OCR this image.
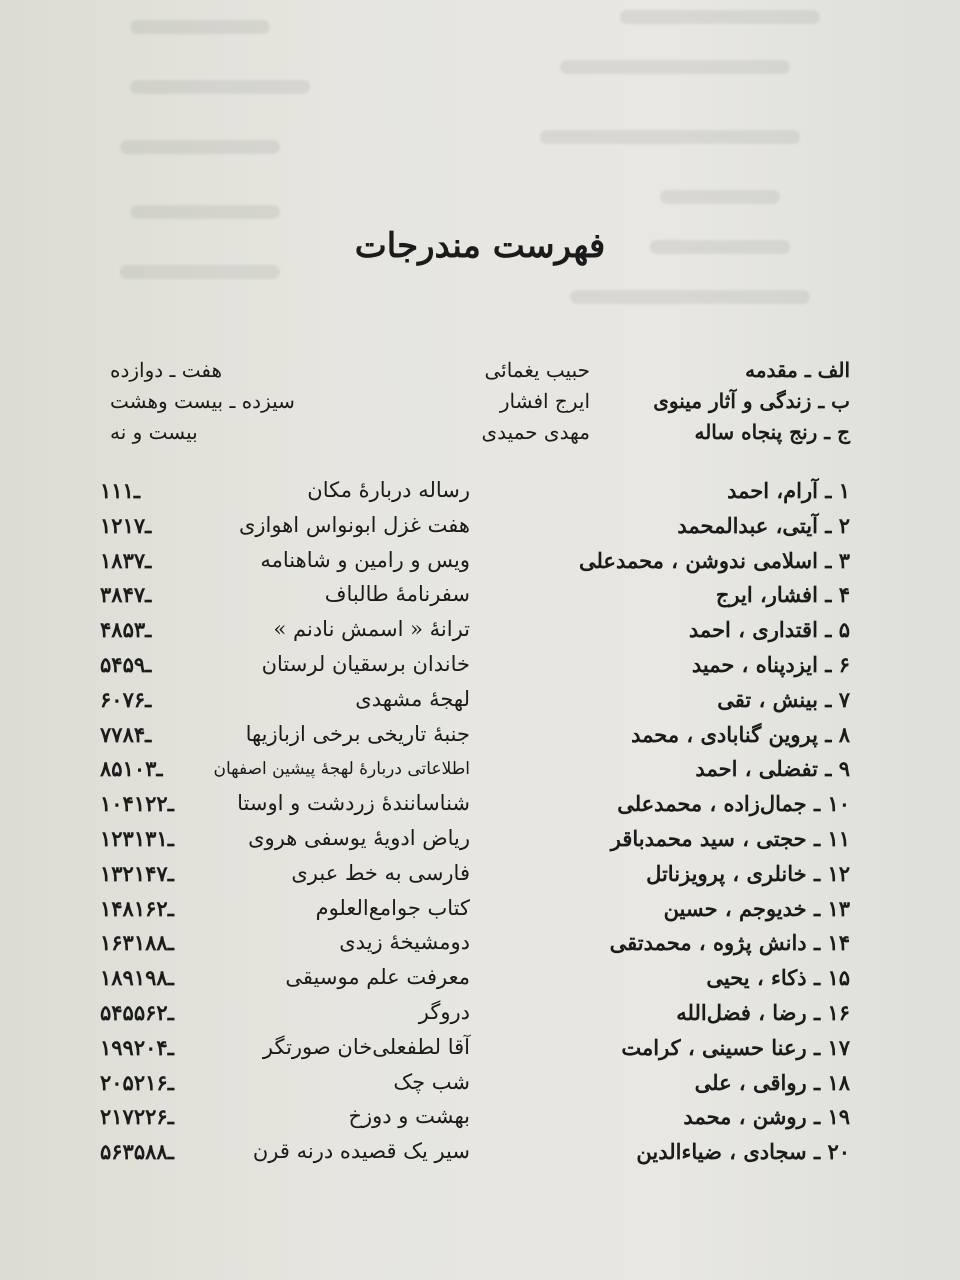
فهرست مندرجات
الف ـ مقدمه
حبیب یغمائی
هفت ـ دوازده
ب ـ زندگی و آثار مینوی
ایرج افشار
سیزده ـ بیست وهشت
ج ـ رنج پنجاه ساله
مهدی حمیدی
بیست و نه
۱ ـ آرام، احمد
رساله دربارهٔ مکان
۱ـ۱۱
۲ ـ آیتی، عبدالمحمد
هفت غزل ابونواس اهوازی
۱۲ـ۱۷
۳ ـ اسلامی ندوشن ، محمدعلی
ویس و رامین و شاهنامه
۱۸ـ۳۷
۴ ـ افشار، ایرج
سفرنامهٔ طالباف
۳۸ـ۴۷
۵ ـ اقتداری ، احمد
ترانهٔ « اسمش نادنم »
۴۸ـ۵۳
۶ ـ ایزدپناه ، حمید
خاندان برسقیان لرستان
۵۴ـ۵۹
۷ ـ بینش ، تقی
لهجهٔ مشهدی
۶۰ـ۷۶
۸ ـ پروین گنابادی ، محمد
جنبهٔ تاریخی برخی ازبازیها
۷۷ـ۸۴
۹ ـ تفضلی ، احمد
اطلاعاتی دربارهٔ لهجهٔ پیشین اصفهان
۸۵ـ۱۰۳
۱۰ ـ جمال‌زاده ، محمدعلی
شناسانندهٔ زردشت و اوستا
۱۰۴ـ۱۲۲
۱۱ ـ حجتی ، سید محمدباقر
ریاض ادویهٔ یوسفی هروی
۱۲۳ـ۱۳۱
۱۲ ـ خانلری ، پرویزناتل
فارسی به خط عبری
۱۳۲ـ۱۴۷
۱۳ ـ خدیوجم ، حسین
کتاب جوامع‌العلوم
۱۴۸ـ۱۶۲
۱۴ ـ دانش پژوه ، محمدتقی
دومشیخهٔ زیدی
۱۶۳ـ۱۸۸
۱۵ ـ ذکاء ، یحیی
معرفت علم موسیقی
۱۸۹ـ۱۹۸
۱۶ ـ رضا ، فضل‌الله
دروگر
۵۴۵ـ۵۶۲
۱۷ ـ رعنا حسینی ، کرامت
آقا لطفعلی‌خان صورتگر
۱۹۹ـ۲۰۴
۱۸ ـ رواقی ، علی
شب چک
۲۰۵ـ۲۱۶
۱۹ ـ روشن ، محمد
بهشت و دوزخ
۲۱۷ـ۲۲۶
۲۰ ـ سجادی ، ضیاءالدین
سیر یک قصیده درنه قرن
۵۶۳ـ۵۸۸
